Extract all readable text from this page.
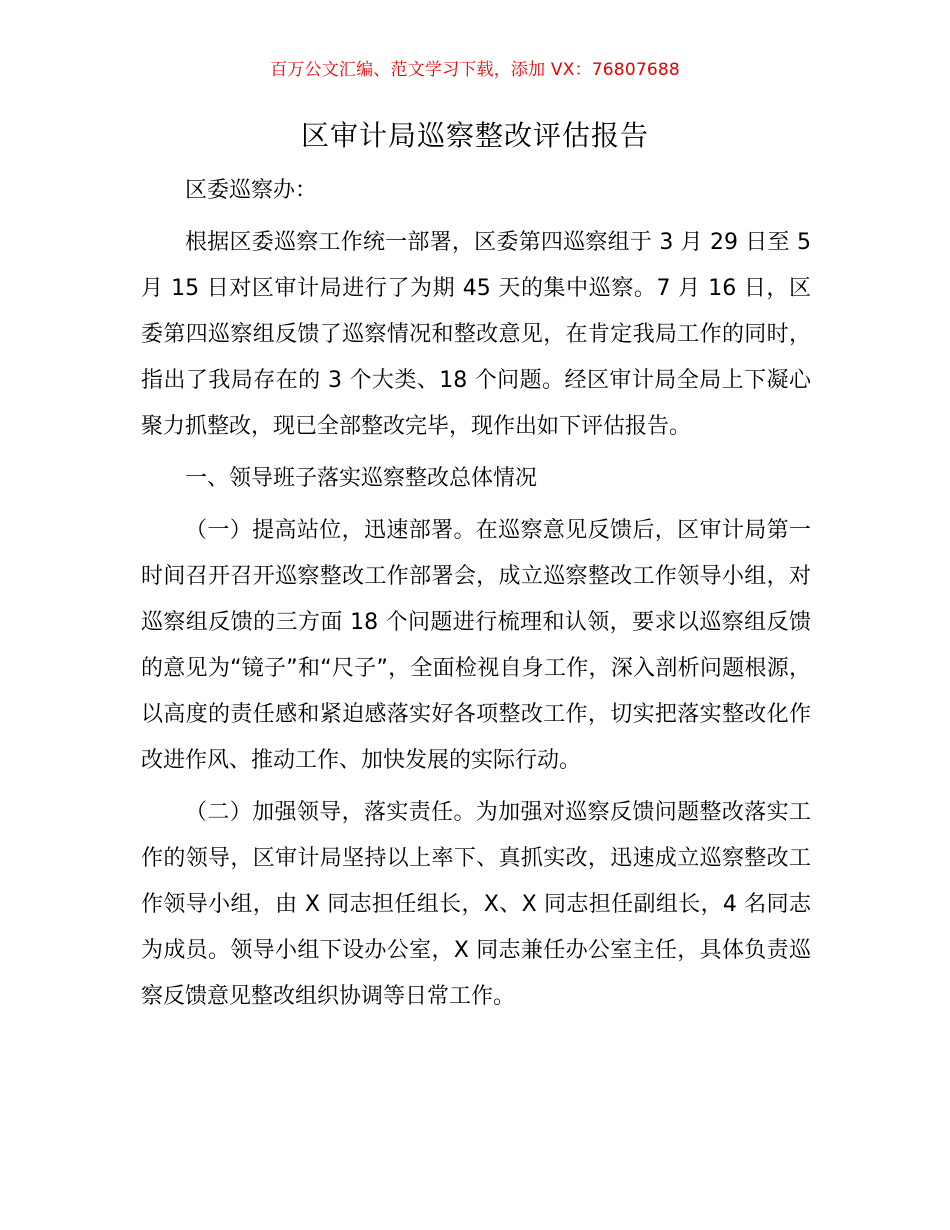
百万公文汇编、范文学习下载，添加 VX：76807688
区审计局巡察整改评估报告

区委巡察办：

根据区委巡察工作统一部署，区委第四巡察组于 3 月 29 日至 5 月 15 日对区审计局进行了为期 45 天的集中巡察。7 月 16 日，区委第四巡察组反馈了巡察情况和整改意见，在肯定我局工作的同时，指出了我局存在的 3 个大类、18 个问题。经区审计局全局上下凝心聚力抓整改，现已全部整改完毕，现作出如下评估报告。

一、领导班子落实巡察整改总体情况

（一）提高站位，迅速部署。在巡察意见反馈后，区审计局第一时间召开召开巡察整改工作部署会，成立巡察整改工作领导小组，对巡察组反馈的三方面 18 个问题进行梳理和认领，要求以巡察组反馈的意见为“镜子”和“尺子”，全面检视自身工作，深入剖析问题根源，以高度的责任感和紧迫感落实好各项整改工作，切实把落实整改化作改进作风、推动工作、加快发展的实际行动。

（二）加强领导，落实责任。为加强对巡察反馈问题整改落实工作的领导，区审计局坚持以上率下、真抓实改，迅速成立巡察整改工作领导小组，由 X 同志担任组长，X、X 同志担任副组长，4 名同志为成员。领导小组下设办公室，X 同志兼任办公室主任，具体负责巡察反馈意见整改组织协调等日常工作。
